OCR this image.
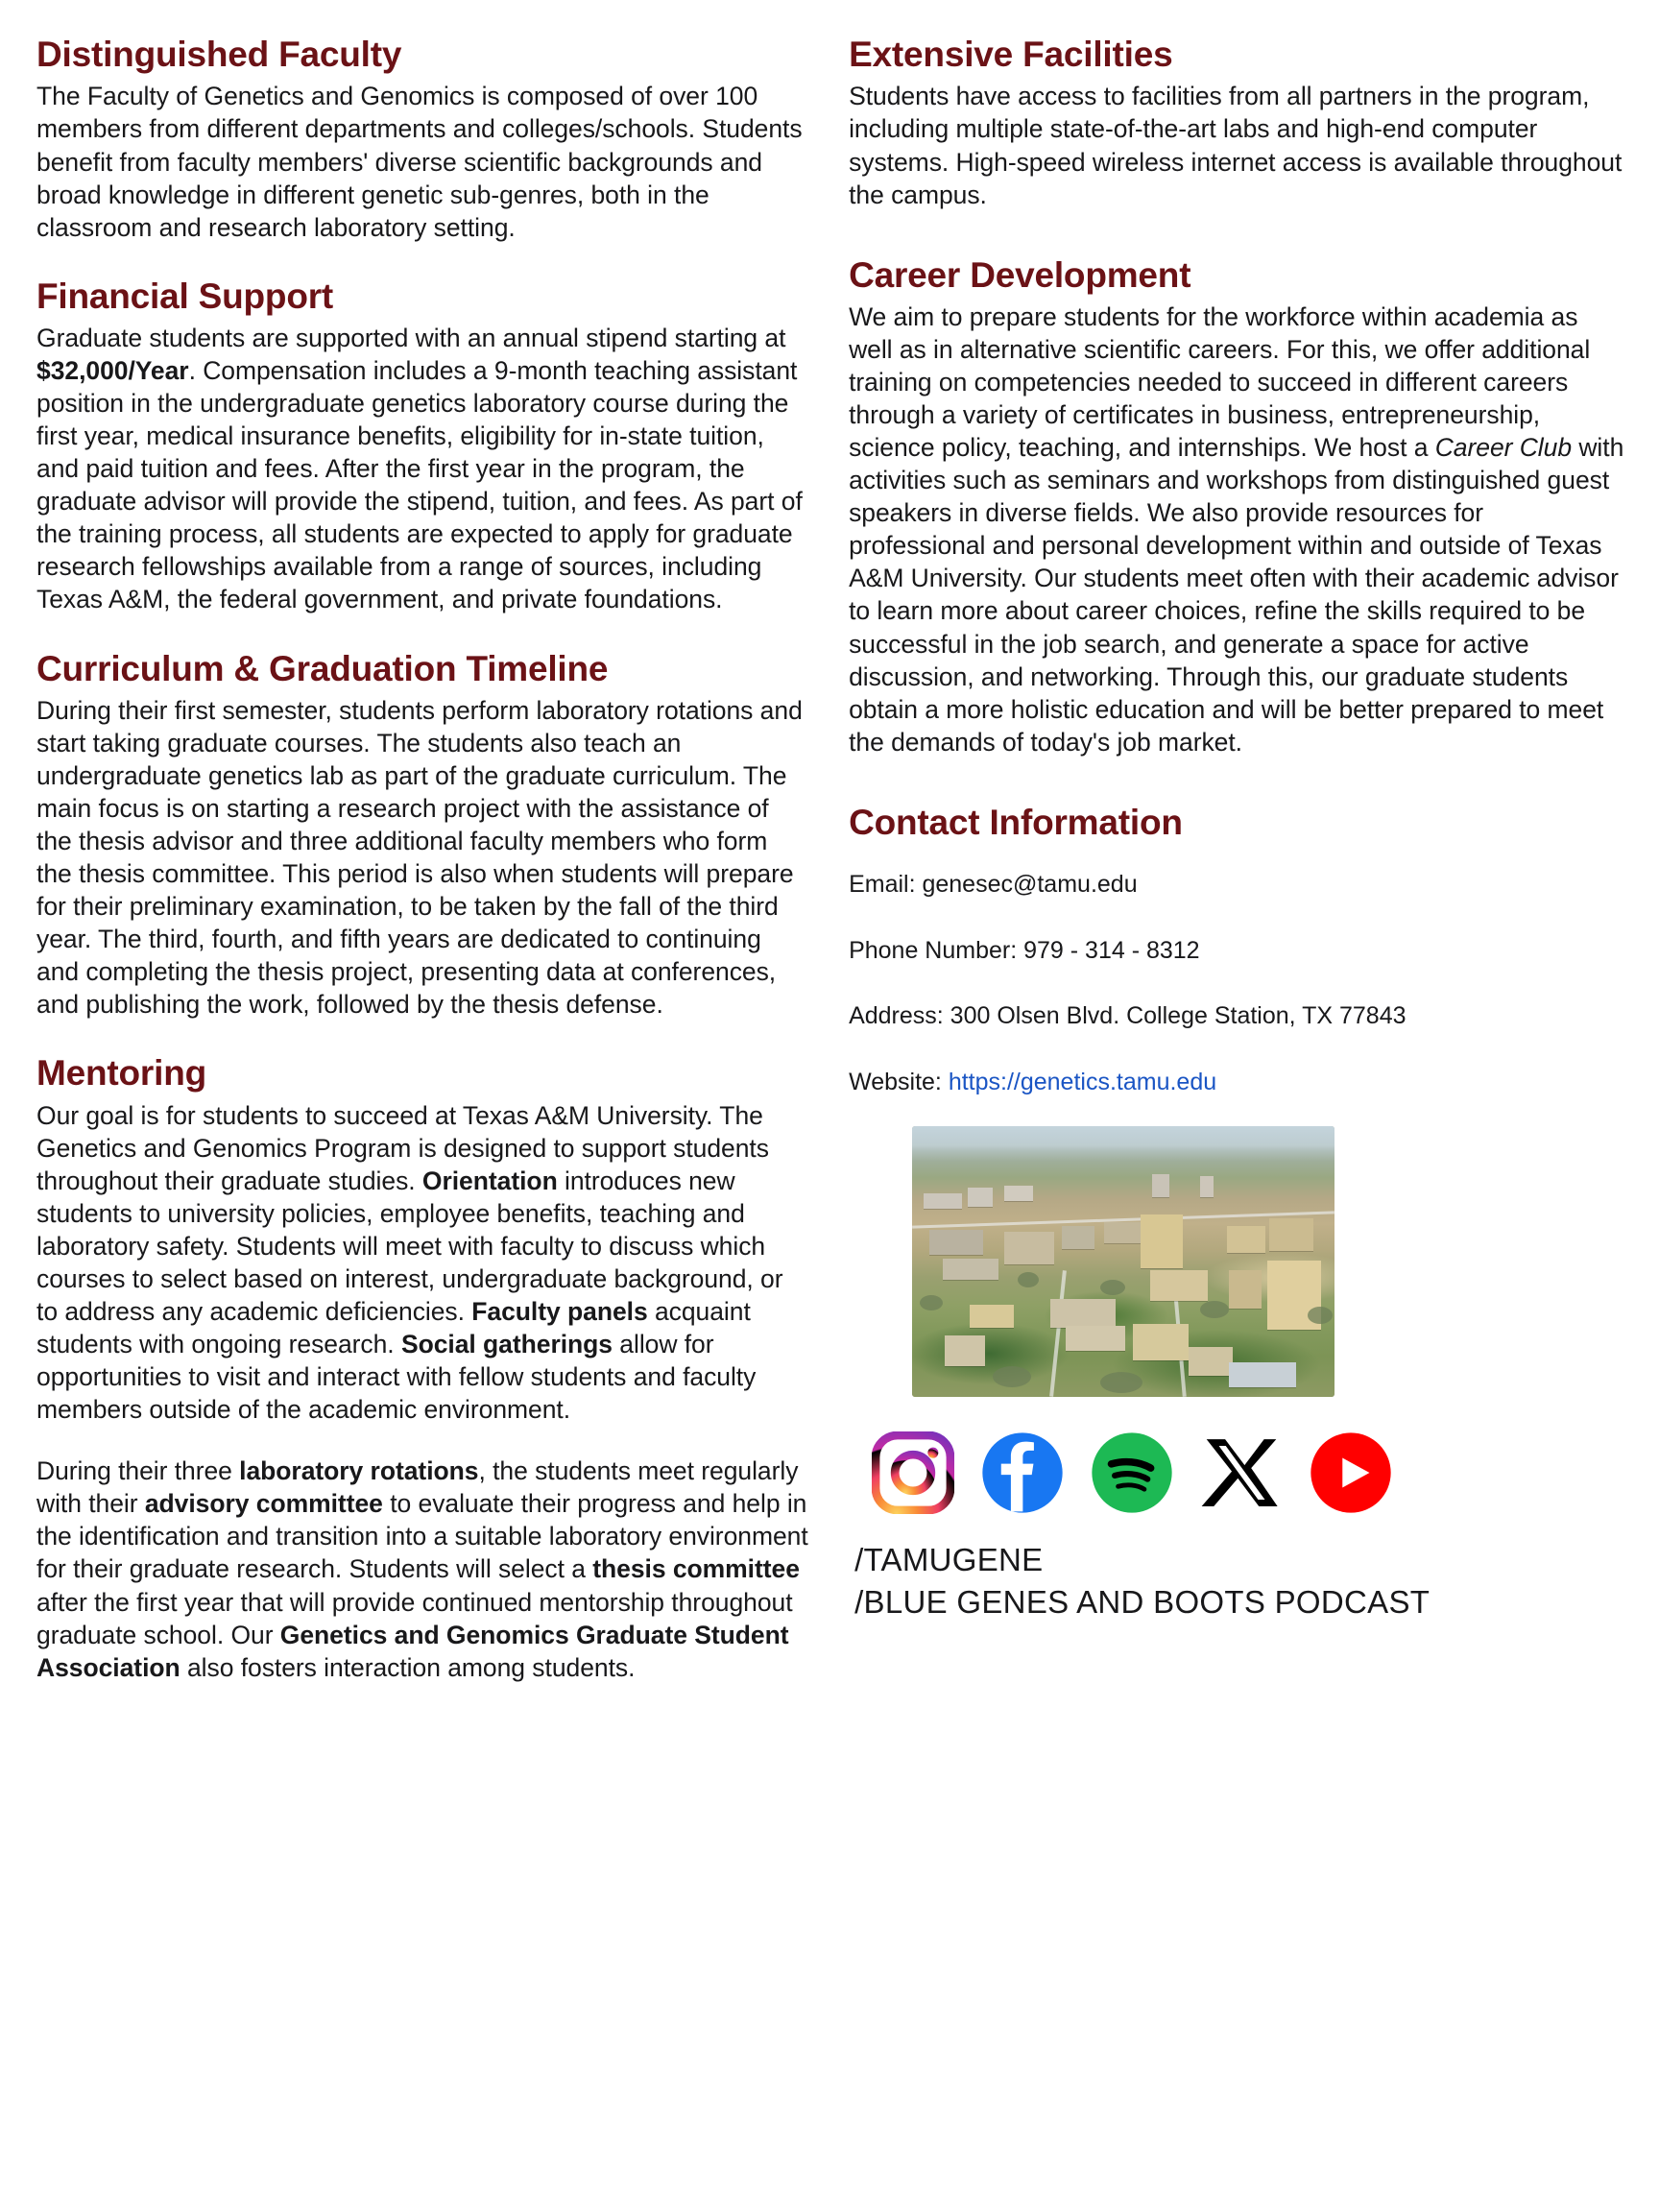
Distinguished Faculty

The Faculty of Genetics and Genomics is composed of over 100 members from different departments and colleges/schools. Students benefit from faculty members' diverse scientific backgrounds and broad knowledge in different genetic sub-genres, both in the classroom and research laboratory setting.

Financial Support

Graduate students are supported with an annual stipend starting at $32,000/Year. Compensation includes a 9-month teaching assistant position in the undergraduate genetics laboratory course during the first year, medical insurance benefits, eligibility for in-state tuition, and paid tuition and fees. After the first year in the program, the graduate advisor will provide the stipend, tuition, and fees. As part of the training process, all students are expected to apply for graduate research fellowships available from a range of sources, including Texas A&M, the federal government, and private foundations.

Curriculum & Graduation Timeline

During their first semester, students perform laboratory rotations and start taking graduate courses. The students also teach an undergraduate genetics lab as part of the graduate curriculum. The main focus is on starting a research project with the assistance of the thesis advisor and three additional faculty members who form the thesis committee. This period is also when students will prepare for their preliminary examination, to be taken by the fall of the third year. The third, fourth, and fifth years are dedicated to continuing and completing the thesis project, presenting data at conferences, and publishing the work, followed by the thesis defense.

Mentoring

Our goal is for students to succeed at Texas A&M University. The Genetics and Genomics Program is designed to support students throughout their graduate studies. Orientation introduces new students to university policies, employee benefits, teaching and laboratory safety. Students will meet with faculty to discuss which courses to select based on interest, undergraduate background, or to address any academic deficiencies. Faculty panels acquaint students with ongoing research. Social gatherings allow for opportunities to visit and interact with fellow students and faculty members outside of the academic environment.

During their three laboratory rotations, the students meet regularly with their advisory committee to evaluate their progress and help in the identification and transition into a suitable laboratory environment for their graduate research. Students will select a thesis committee after the first year that will provide continued mentorship throughout graduate school. Our Genetics and Genomics Graduate Student Association also fosters interaction among students.

Extensive Facilities

Students have access to facilities from all partners in the program, including multiple state-of-the-art labs and high-end computer systems. High-speed wireless internet access is available throughout the campus.

Career Development

We aim to prepare students for the workforce within academia as well as in alternative scientific careers. For this, we offer additional training on competencies needed to succeed in different careers through a variety of certificates in business, entrepreneurship, science policy, teaching, and internships. We host a Career Club with activities such as seminars and workshops from distinguished guest speakers in diverse fields. We also provide resources for professional and personal development within and outside of Texas A&M University. Our students meet often with their academic advisor to learn more about career choices, refine the skills required to be successful in the job search, and generate a space for active discussion, and networking. Through this, our graduate students obtain a more holistic education and will be better prepared to meet the demands of today's job market.

Contact Information

Email: genesec@tamu.edu

Phone Number: 979 - 314 - 8312

Address: 300 Olsen Blvd. College Station, TX 77843

Website: https://genetics.tamu.edu

/TAMUGENE
/BLUE GENES AND BOOTS PODCAST
